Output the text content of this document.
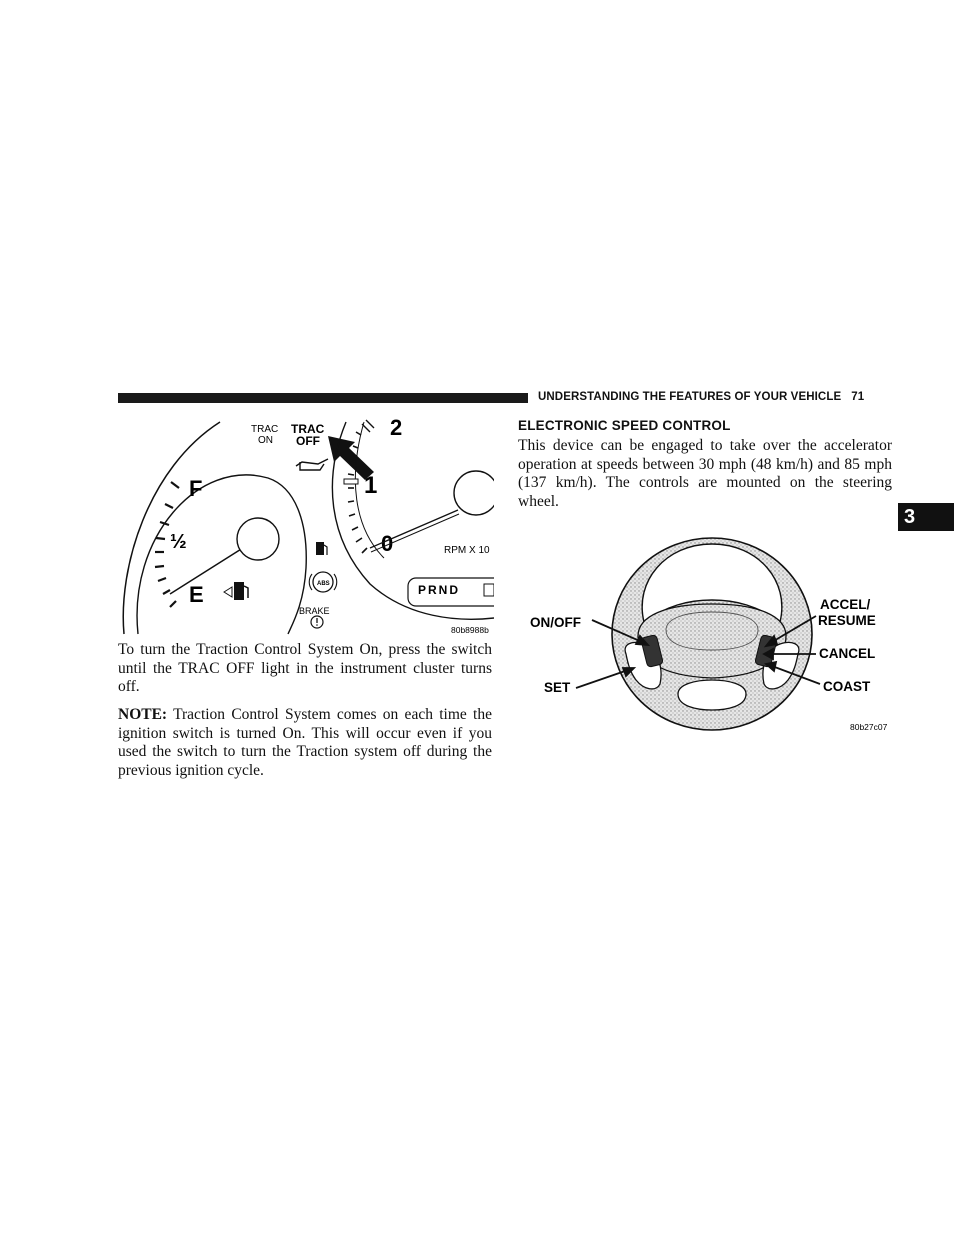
UNDERSTANDING THE FEATURES OF YOUR VEHICLE 71
3
F
½
E
TRAC
ON
TRAC
OFF
ABS
BRAKE
2
1
0	RPM X 10
PRND
80b8988b

To turn the Traction Control System On, press the switch until the TRAC OFF light in the instrument cluster turns off.

NOTE: Traction Control System comes on each time the ignition switch is turned On. This will occur even if you used the switch to turn the Traction system off during the previous ignition cycle.

ELECTRONIC SPEED CONTROL

This device can be engaged to take over the accelerator operation at speeds between 30 mph (48 km/h) and 85 mph (137 km/h). The controls are mounted on the steering wheel.

ON/OFF
SET
ACCEL/
RESUME
CANCEL
COAST
80b27c07
